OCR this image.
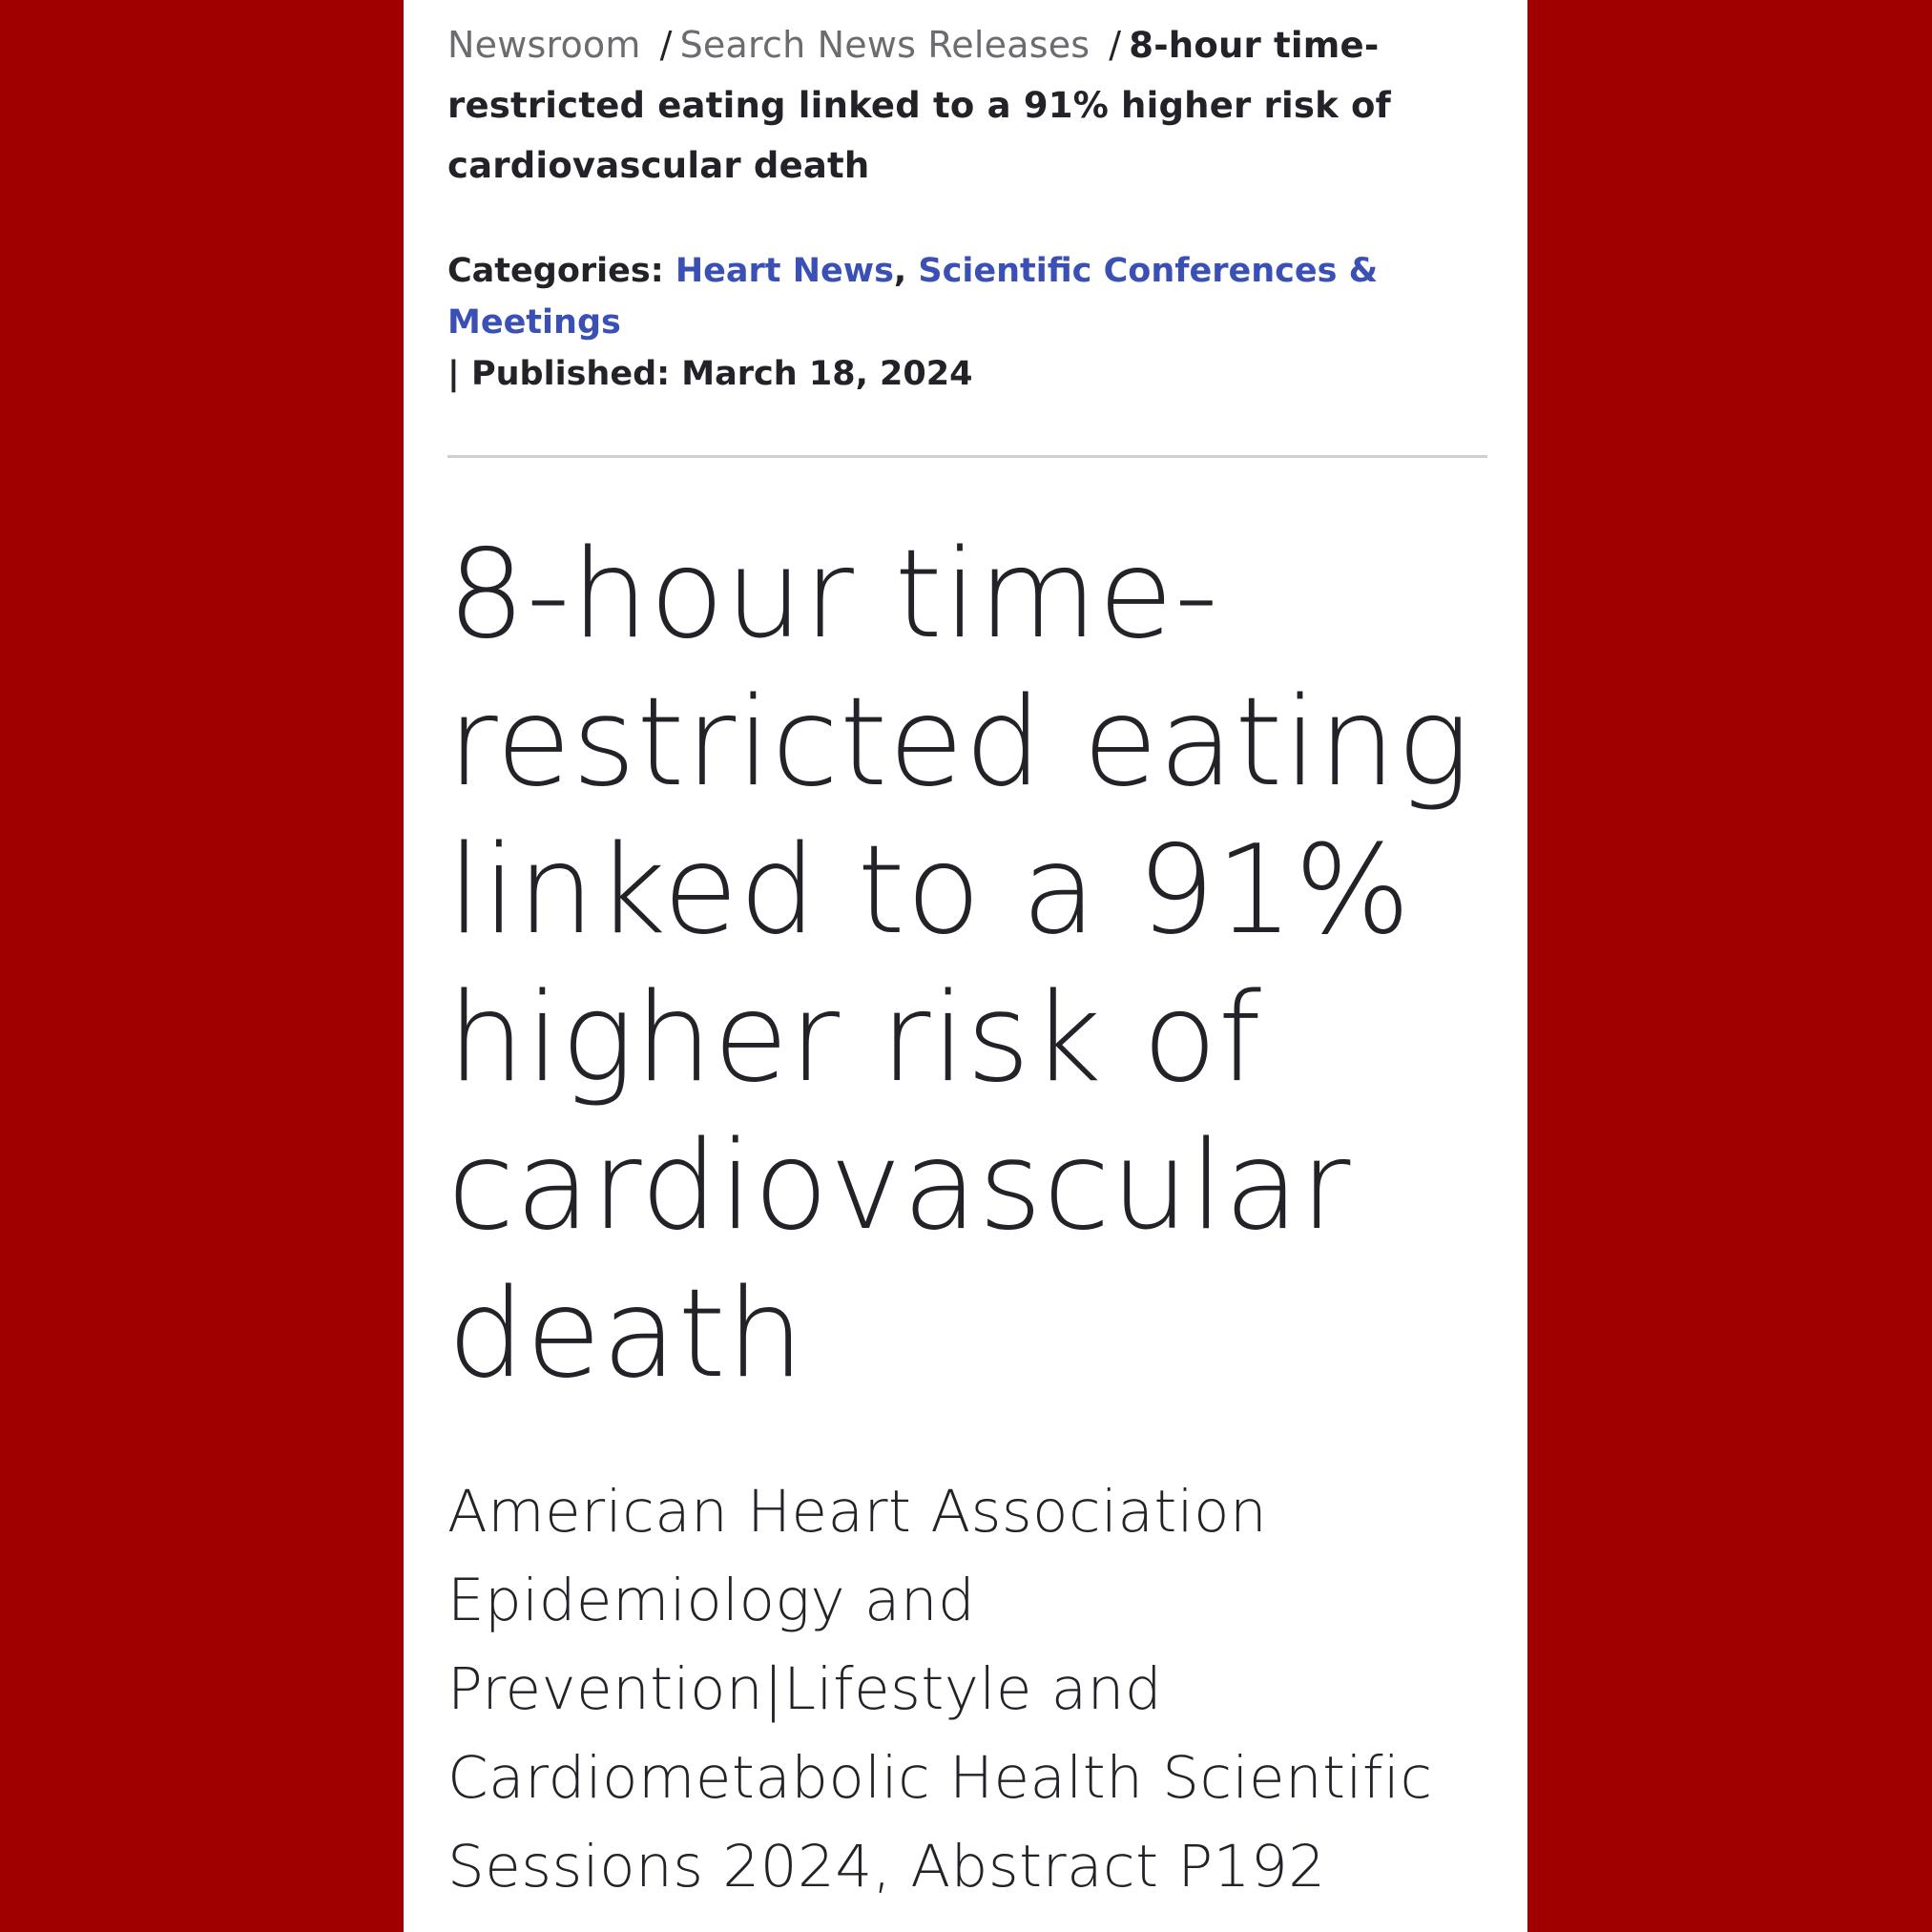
Newsroom / Search News Releases / 8-hour time-restricted eating linked to a 91% higher risk of cardiovascular death
Categories: Heart News, Scientific Conferences & Meetings
| Published: March 18, 2024
8-hour time-restricted eating linked to a 91% higher risk of cardiovascular death

American Heart Association Epidemiology and Prevention|Lifestyle and Cardiometabolic Health Scientific Sessions 2024, Abstract P192
